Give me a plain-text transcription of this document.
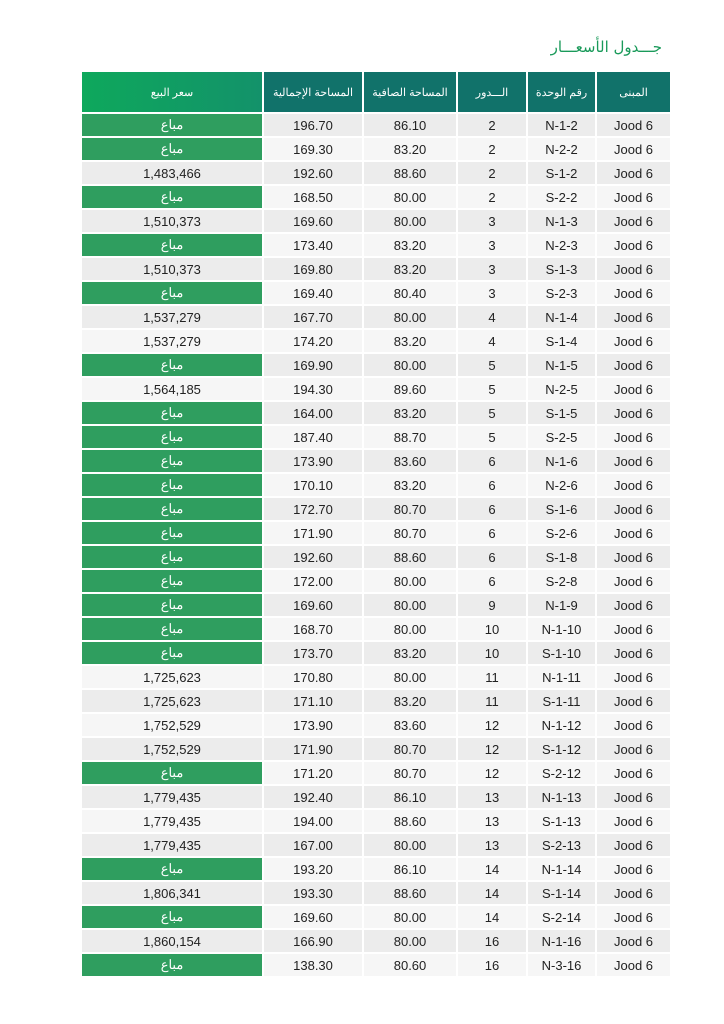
جـــدول الأسعـــار
المبنى
رقم الوحدة
الـــدور
المساحة الصافية
المساحة الإجمالية
سعر البيع
Jood 6
2-N-1
2
86.10
196.70
مباع
Jood 6
2-N-2
2
83.20
169.30
مباع
Jood 6
2-S-1
2
88.60
192.60
1,483,466
Jood 6
2-S-2
2
80.00
168.50
مباع
Jood 6
3-N-1
3
80.00
169.60
1,510,373
Jood 6
3-N-2
3
83.20
173.40
مباع
Jood 6
3-S-1
3
83.20
169.80
1,510,373
Jood 6
3-S-2
3
80.40
169.40
مباع
Jood 6
4-N-1
4
80.00
167.70
1,537,279
Jood 6
4-S-1
4
83.20
174.20
1,537,279
Jood 6
5-N-1
5
80.00
169.90
مباع
Jood 6
5-N-2
5
89.60
194.30
1,564,185
Jood 6
5-S-1
5
83.20
164.00
مباع
Jood 6
5-S-2
5
88.70
187.40
مباع
Jood 6
6-N-1
6
83.60
173.90
مباع
Jood 6
6-N-2
6
83.20
170.10
مباع
Jood 6
6-S-1
6
80.70
172.70
مباع
Jood 6
6-S-2
6
80.70
171.90
مباع
Jood 6
8-S-1
6
88.60
192.60
مباع
Jood 6
8-S-2
6
80.00
172.00
مباع
Jood 6
9-N-1
9
80.00
169.60
مباع
Jood 6
10-N-1
10
80.00
168.70
مباع
Jood 6
10-S-1
10
83.20
173.70
مباع
Jood 6
11-N-1
11
80.00
170.80
1,725,623
Jood 6
11-S-1
11
83.20
171.10
1,725,623
Jood 6
12-N-1
12
83.60
173.90
1,752,529
Jood 6
12-S-1
12
80.70
171.90
1,752,529
Jood 6
12-S-2
12
80.70
171.20
مباع
Jood 6
13-N-1
13
86.10
192.40
1,779,435
Jood 6
13-S-1
13
88.60
194.00
1,779,435
Jood 6
13-S-2
13
80.00
167.00
1,779,435
Jood 6
14-N-1
14
86.10
193.20
مباع
Jood 6
14-S-1
14
88.60
193.30
1,806,341
Jood 6
14-S-2
14
80.00
169.60
مباع
Jood 6
16-N-1
16
80.00
166.90
1,860,154
Jood 6
16-N-3
16
80.60
138.30
مباع
